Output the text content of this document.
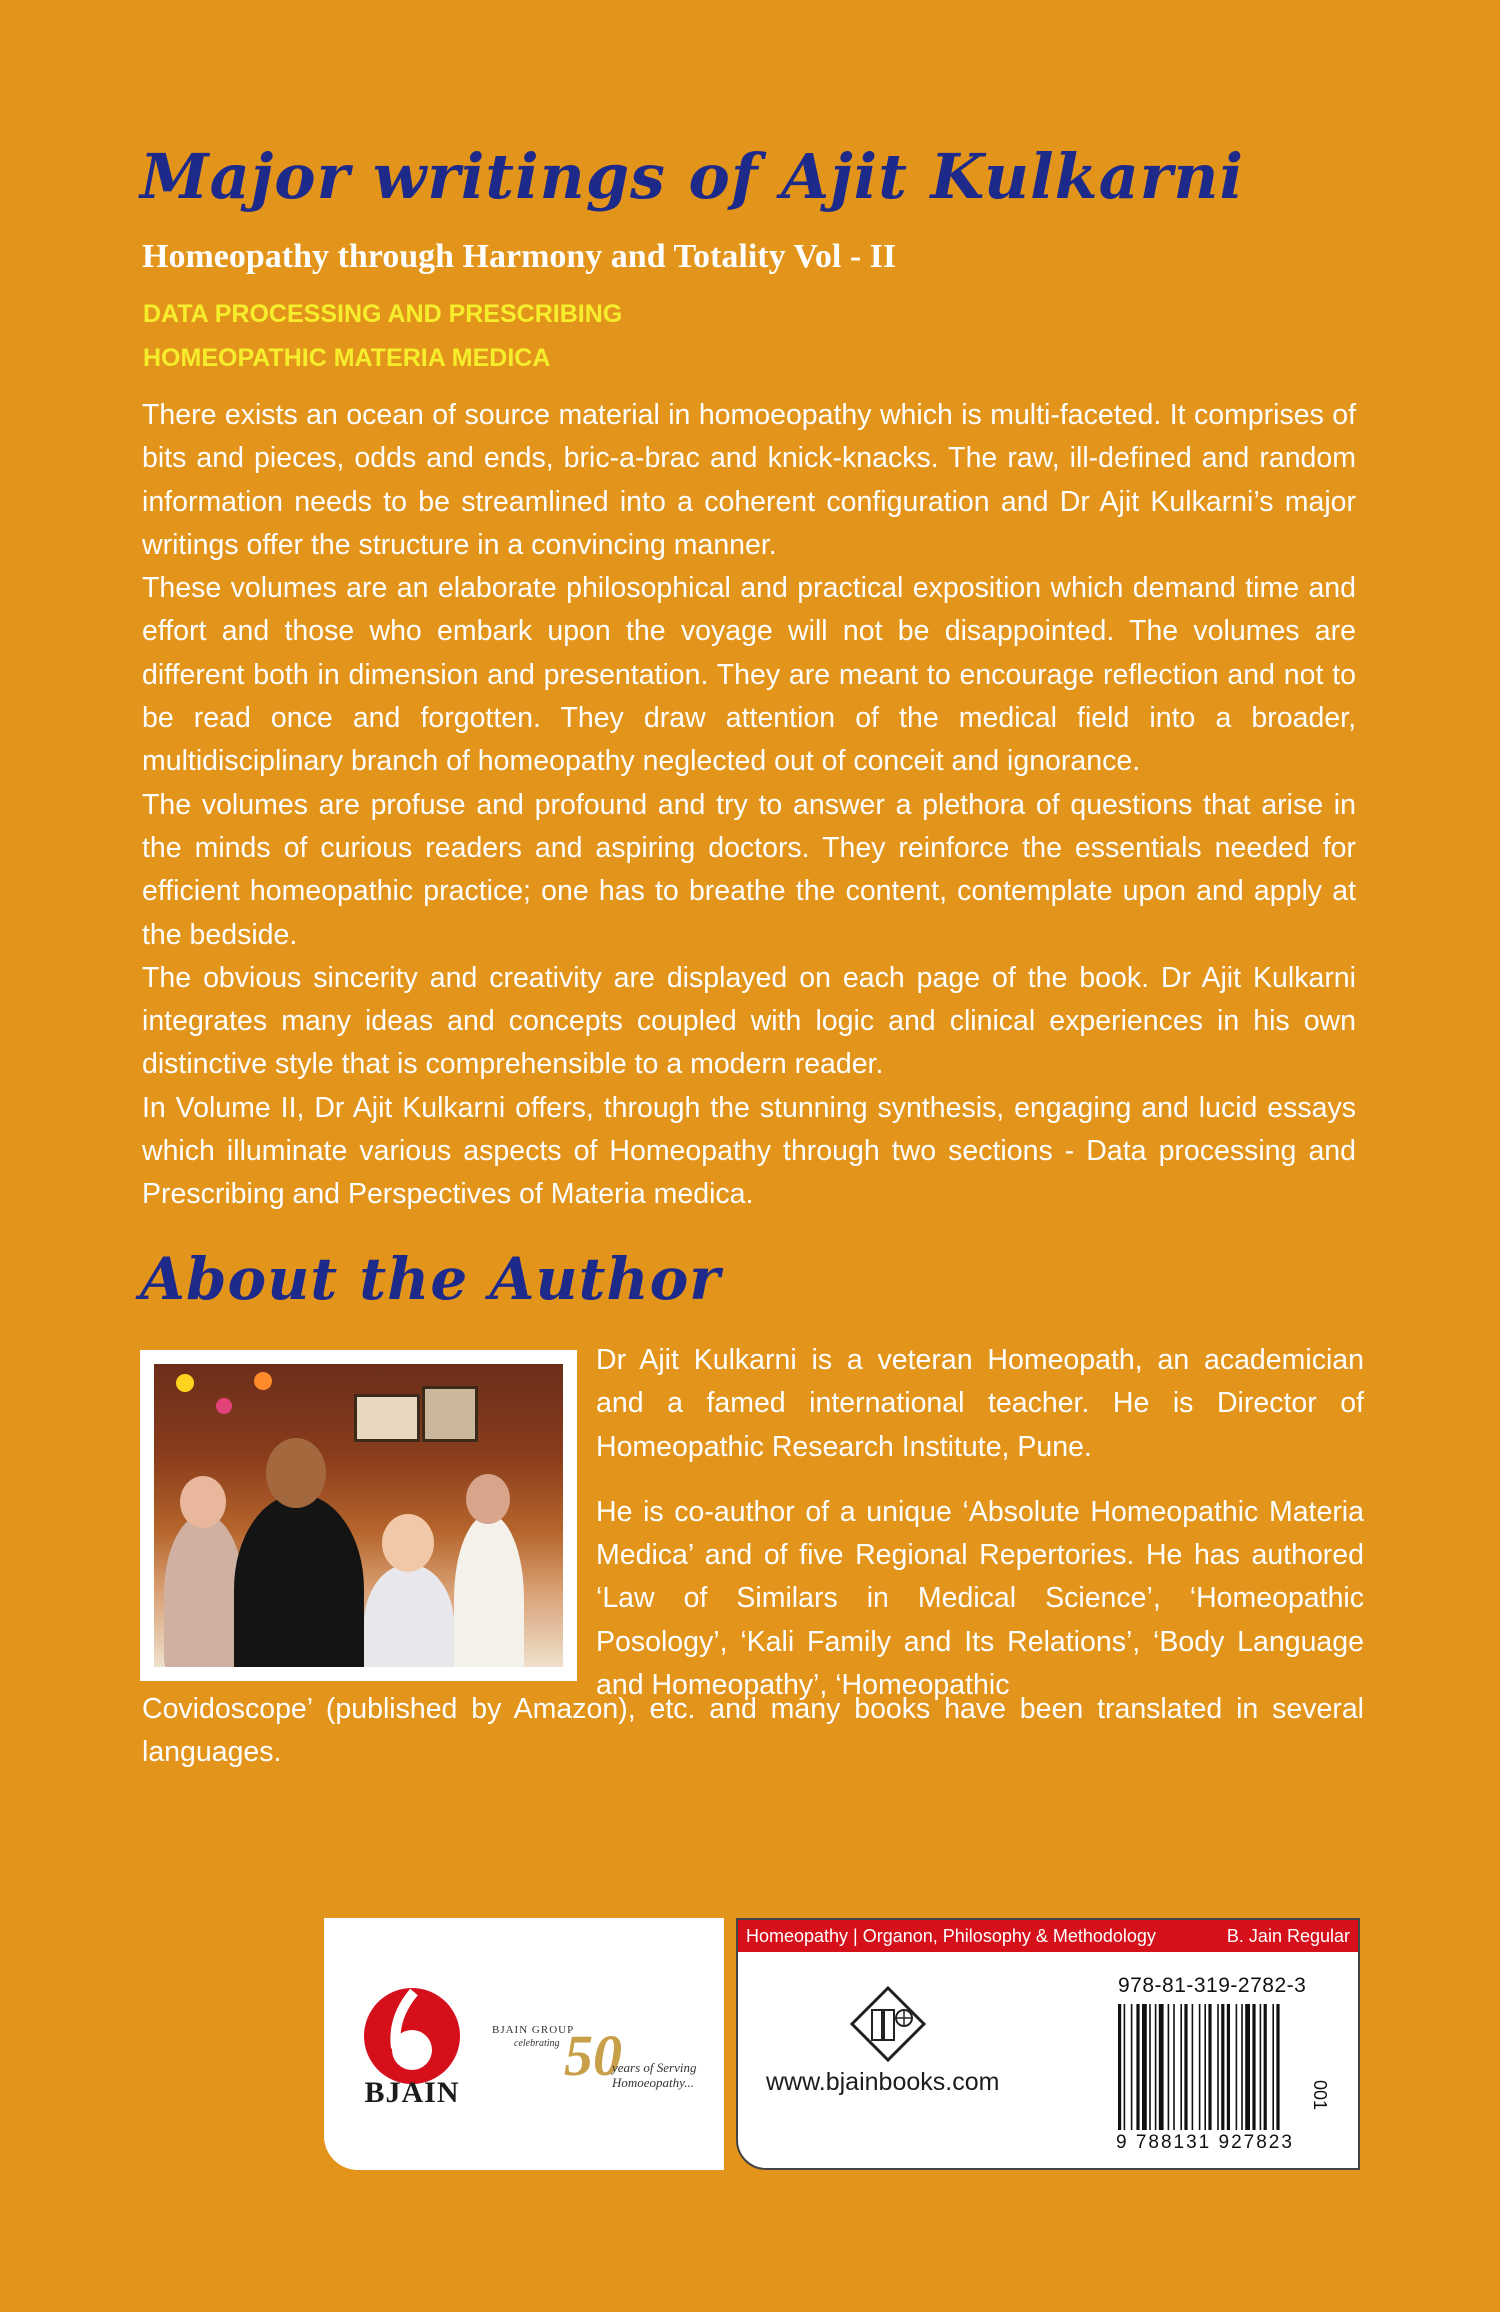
Major writings of Ajit Kulkarni
Homeopathy through Harmony and Totality Vol - II
DATA PROCESSING AND PRESCRIBING
HOMEOPATHIC MATERIA MEDICA

There exists an ocean of source material in homoeopathy which is multi-faceted. It comprises of bits and pieces, odds and ends, bric-a-brac and knick-knacks. The raw, ill-defined and random information needs to be streamlined into a coherent configuration and Dr Ajit Kulkarni’s major writings offer the structure in a convincing manner.

These volumes are an elaborate philosophical and practical exposition which demand time and effort and those who embark upon the voyage will not be disappointed. The volumes are different both in dimension and presentation. They are meant to encourage reflection and not to be read once and forgotten. They draw attention of the medical field into a broader, multidisciplinary branch of homeopathy neglected out of conceit and ignorance.

The volumes are profuse and profound and try to answer a plethora of questions that arise in the minds of curious readers and aspiring doctors. They reinforce the essentials needed for efficient homeopathic practice; one has to breathe the content, contemplate upon and apply at the bedside.

The obvious sincerity and creativity are displayed on each page of the book. Dr Ajit Kulkarni integrates many ideas and concepts coupled with logic and clinical experiences in his own distinctive style that is comprehensible to a modern reader.

In Volume II, Dr Ajit Kulkarni offers, through the stunning synthesis, engaging and lucid essays which illuminate various aspects of Homeopathy through two sections - Data processing and Prescribing and Perspectives of Materia medica.

About the Author

Dr Ajit Kulkarni is a veteran Homeopath, an academician and a famed international teacher. He is Director of Homeopathic Research Institute, Pune.

He is co-author of a unique ‘Absolute Homeopathic Materia Medica’ and of five Regional Repertories. He has authored ‘Law of Similars in Medical Science’, ‘Homeopathic Posology’, ‘Kali Family and Its Relations’, ‘Body Language and Homeopathy’, ‘Homeopathic

Covidoscope’ (published by Amazon), etc. and many books have been translated in several languages.

BJAIN
BJAIN GROUP
celebrating 50
years of Serving
Homoeopathy...
Homeopathy | Organon, Philosophy & Methodology	B. Jain Regular
www.bjainbooks.com
978-81-319-2782-3
9 788131 927823
001
